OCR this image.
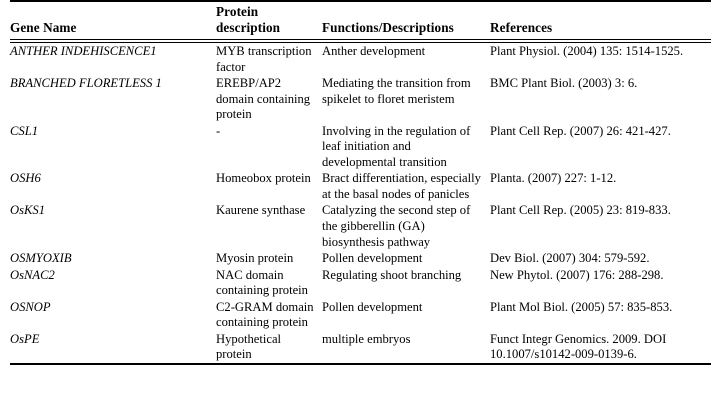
Gene Name	Protein description	Functions/Descriptions	References

ANTHER INDEHISCENCE1	MYB transcription factor	Anther development	Plant Physiol. (2004) 135: 1514-1525.
BRANCHED FLORETLESS 1	EREBP/AP2 domain containing protein	Mediating the transition from spikelet to floret meristem	BMC Plant Biol. (2003) 3: 6.
CSL1	-	Involving in the regulation of leaf initiation and developmental transition	Plant Cell Rep. (2007) 26: 421-427.
OSH6	Homeobox protein	Bract differentiation, especially at the basal nodes of panicles	Planta. (2007) 227: 1-12.
OsKS1	Kaurene synthase	Catalyzing the second step of the gibberellin (GA) biosynthesis pathway	Plant Cell Rep. (2005) 23: 819-833.
OSMYOXIB	Myosin protein	Pollen development	Dev Biol. (2007) 304: 579-592.
OsNAC2	NAC domain containing protein	Regulating shoot branching	New Phytol. (2007) 176: 288-298.
OSNOP	C2-GRAM domain containing protein	Pollen development	Plant Mol Biol. (2005) 57: 835-853.
OsPE	Hypothetical protein	multiple embryos	Funct Integr Genomics. 2009. DOI 10.1007/s10142-009-0139-6.
